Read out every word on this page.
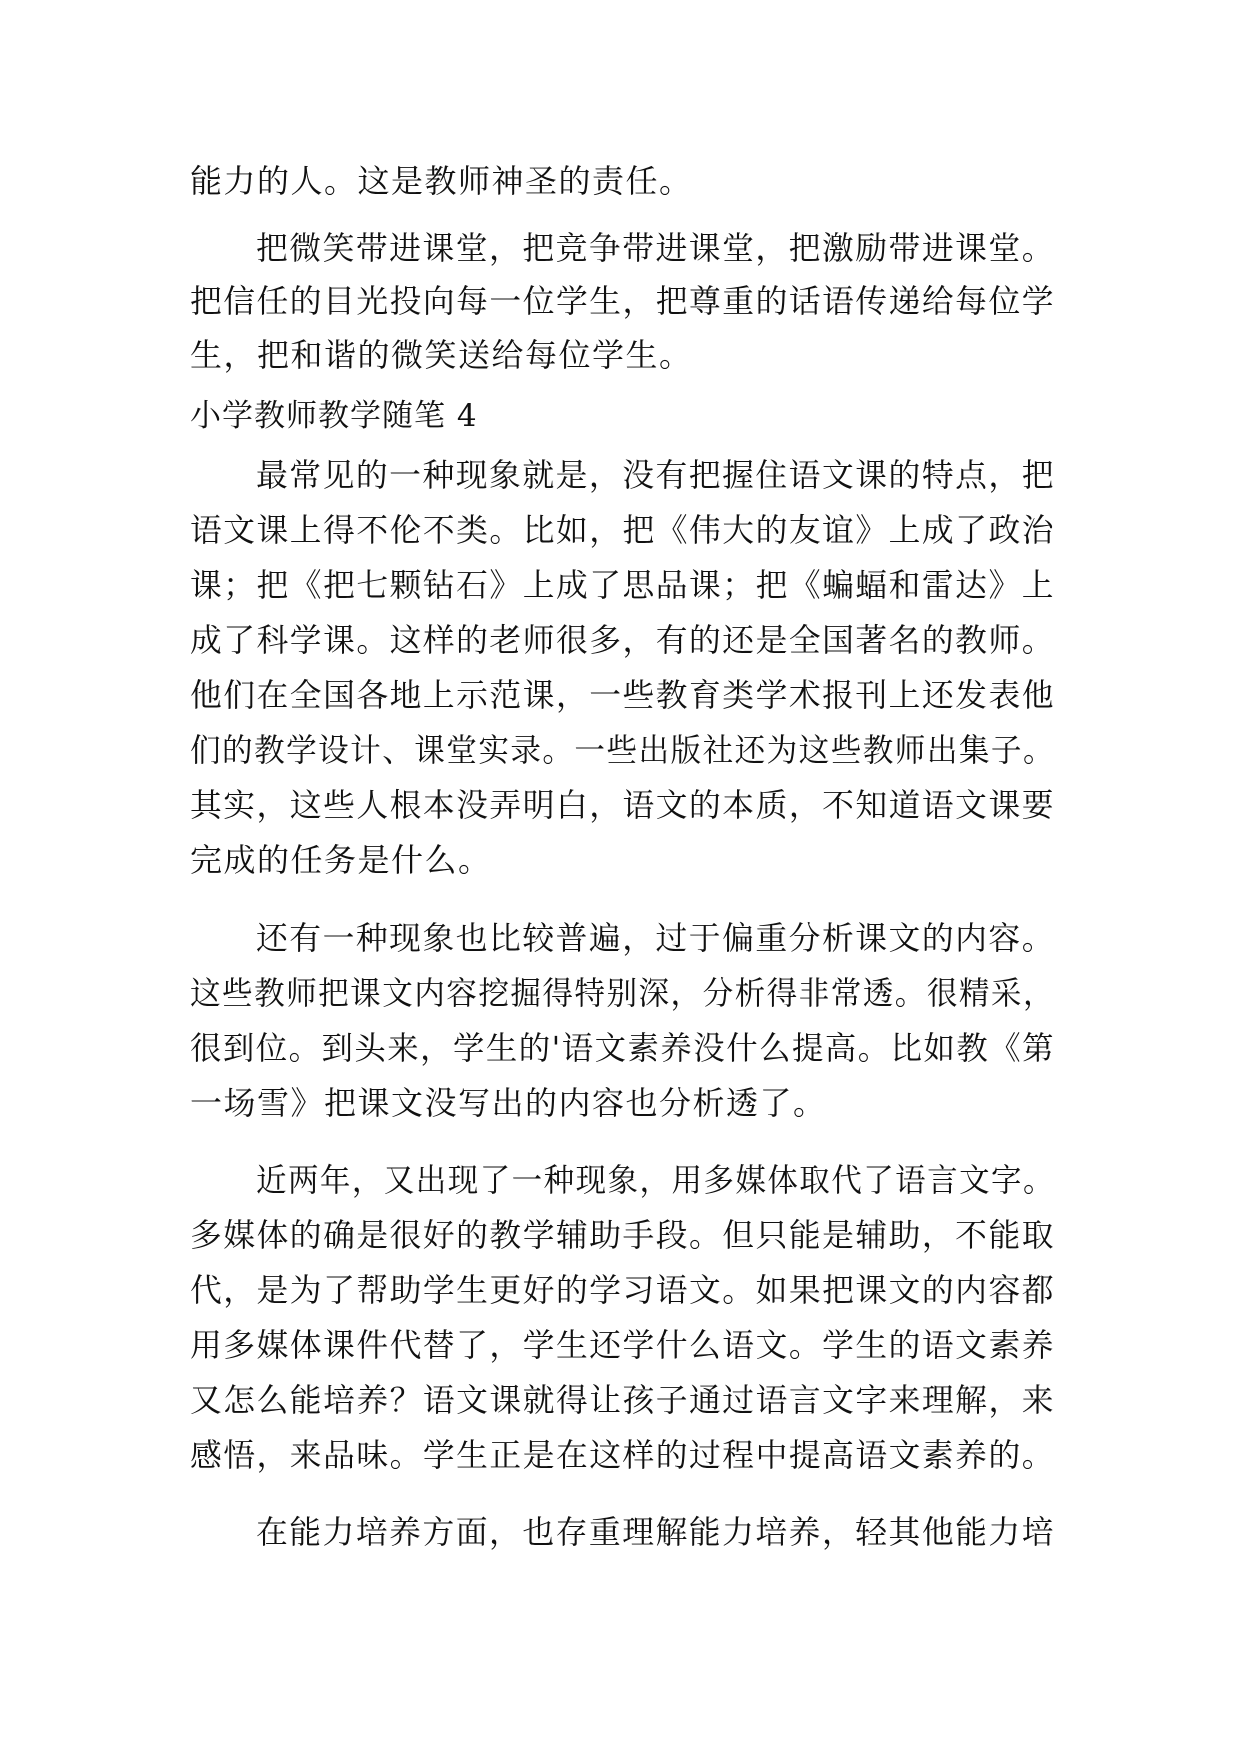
能力的人。这是教师神圣的责任。
把微笑带进课堂，把竞争带进课堂，把激励带进课堂。
把信任的目光投向每一位学生，把尊重的话语传递给每位学
生，把和谐的微笑送给每位学生。
小学教师教学随笔 4
最常见的一种现象就是，没有把握住语文课的特点，把
语文课上得不伦不类。比如，把《伟大的友谊》上成了政治
课；把《把七颗钻石》上成了思品课；把《蝙蝠和雷达》上
成了科学课。这样的老师很多，有的还是全国著名的教师。
他们在全国各地上示范课，一些教育类学术报刊上还发表他
们的教学设计、课堂实录。一些出版社还为这些教师出集子。
其实，这些人根本没弄明白，语文的本质，不知道语文课要
完成的任务是什么。
还有一种现象也比较普遍，过于偏重分析课文的内容。
这些教师把课文内容挖掘得特别深，分析得非常透。很精采，
很到位。到头来，学生的'语文素养没什么提高。比如教《第
一场雪》把课文没写出的内容也分析透了。
近两年，又出现了一种现象，用多媒体取代了语言文字。
多媒体的确是很好的教学辅助手段。但只能是辅助，不能取
代，是为了帮助学生更好的学习语文。如果把课文的内容都
用多媒体课件代替了，学生还学什么语文。学生的语文素养
又怎么能培养？语文课就得让孩子通过语言文字来理解，来
感悟，来品味。学生正是在这样的过程中提高语文素养的。
在能力培养方面，也存重理解能力培养，轻其他能力培
